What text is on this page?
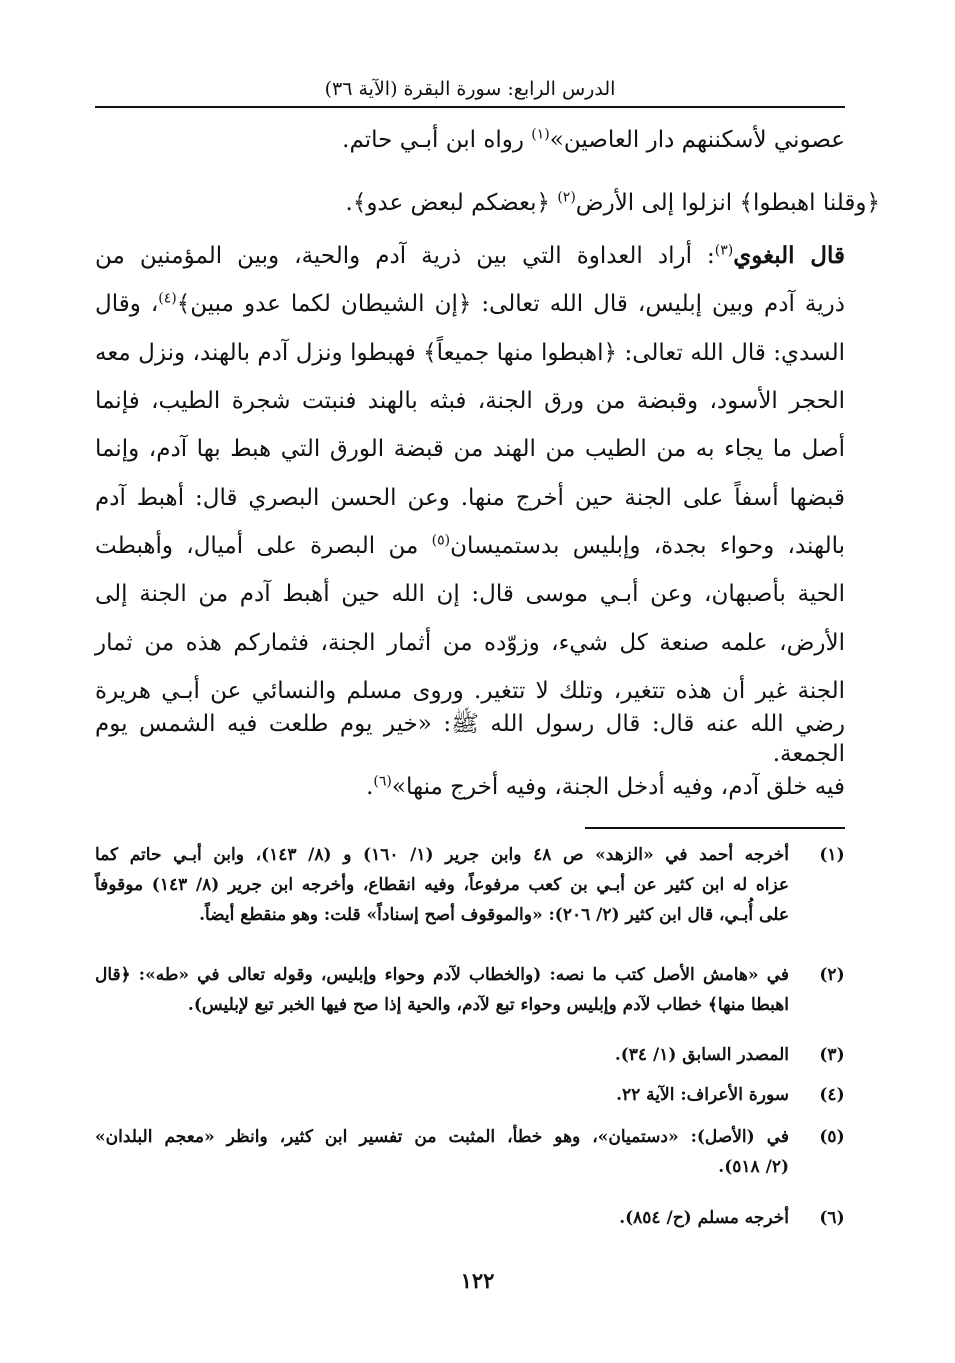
الدرس الرابع: سورة البقرة (الآية ٣٦)
عصوني لأسكننهم دار العاصين»$^{(١)}$ رواه ابن أبـي حاتم.
﴿وقلنا اهبطوا﴾ انزلوا إلى الأرض$^{(٢)}$ ﴿بعضكم لبعض عدو﴾.
قال البغوي$^{(٣)}$: أراد العداوة التي بين ذرية آدم والحية، وبين المؤمنين من
ذرية آدم وبين إبليس، قال الله تعالى: ﴿إن الشيطان لكما عدو مبين﴾$^{(٤)}$، وقال
السدي: قال الله تعالى: ﴿اهبطوا منها جميعاً﴾ فهبطوا ونزل آدم بالهند، ونزل معه
الحجر الأسود، وقبضة من ورق الجنة، فبثه بالهند فنبتت شجرة الطيب، فإنما
أصل ما يجاء به من الطيب من الهند من قبضة الورق التي هبط بها آدم، وإنما
قبضها أسفاً على الجنة حين أخرج منها. وعن الحسن البصري قال: أهبط آدم
بالهند، وحواء بجدة، وإبليس بدستميسان$^{(٥)}$ من البصرة على أميال، وأهبطت
الحية بأصبهان، وعن أبـي موسى قال: إن الله حين أهبط آدم من الجنة إلى
الأرض، علمه صنعة كل شيء، وزوّده من أثمار الجنة، فثماركم هذه من ثمار
الجنة غير أن هذه تتغير، وتلك لا تتغير. وروى مسلم والنسائي عن أبـي هريرة
رضي الله عنه قال: قال رسول الله ﷺ: «خير يوم طلعت فيه الشمس يوم الجمعة.
فيه خلق آدم، وفيه أدخل الجنة، وفيه أخرج منها»$^{(٦)}$.
(١)
أخرجه أحمد في «الزهد» ص ٤٨ وابن جرير (١/ ١٦٠) و (٨/ ١٤٣)، وابن أبـي حاتم كما
عزاه له ابن كثير عن أبـي بن كعب مرفوعاً، وفيه انقطاع، وأخرجه ابن جرير (٨/ ١٤٣) موقوفاً
على أُبـي، قال ابن كثير (٢/ ٢٠٦): «والموقوف أصح إسناداً» قلت: وهو منقطع أيضاً.
(٢)
في «هامش الأصل كتب ما نصه: (والخطاب لآدم وحواء وإبليس، وقوله تعالى في «طه»: ﴿قال
اهبطا منها﴾ خطاب لآدم وإبليس وحواء تبع لآدم، والحية إذا صح فيها الخبر تبع لإبليس).
(٣)
المصدر السابق (١/ ٣٤).
(٤)
سورة الأعراف: الآية ٢٢.
(٥)
في (الأصل): «دستميان»، وهو خطأ، المثبت من تفسير ابن كثير، وانظر «معجم البلدان»
(٢/ ٥١٨).
(٦)
أخرجه مسلم (ح/ ٨٥٤).
١٢٢
